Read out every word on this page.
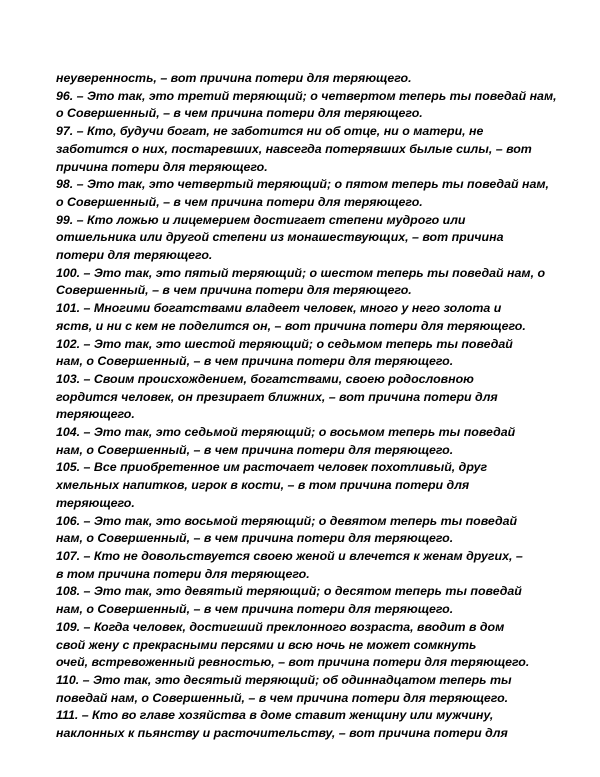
неуверенность, – вот причина потери для теряющего.
96. – Это так, это третий теряющий; о четвертом теперь ты поведай нам,
о Совершенный, – в чем причина потери для теряющего.
97. – Кто, будучи богат, не заботится ни об отце, ни о матери, не
заботится о них, постаревших, навсегда потерявших былые силы, – вот
причина потери для теряющего.
98. – Это так, это четвертый теряющий; о пятом теперь ты поведай нам,
о Совершенный, – в чем причина потери для теряющего.
99. – Кто ложью и лицемерием достигает степени мудрого или
отшельника или другой степени из монашествующих, – вот причина
потери для теряющего.
100. – Это так, это пятый теряющий; о шестом теперь ты поведай нам, о
Совершенный, – в чем причина потери для теряющего.
101. – Многими богатствами владеет человек, много у него золота и
яств, и ни с кем не поделится он, – вот причина потери для теряющего.
102. – Это так, это шестой теряющий; о седьмом теперь ты поведай
нам, о Совершенный, – в чем причина потери для теряющего.
103. – Своим происхождением, богатствами, своею родословною
гордится человек, он презирает ближних, – вот причина потери для
теряющего.
104. – Это так, это седьмой теряющий; о восьмом теперь ты поведай
нам, о Совершенный, – в чем причина потери для теряющего.
105. – Все приобретенное им расточает человек похотливый, друг
хмельных напитков, игрок в кости, – в том причина потери для
теряющего.
106. – Это так, это восьмой теряющий; о девятом теперь ты поведай
нам, о Совершенный, – в чем причина потери для теряющего.
107. – Кто не довольствуется своею женой и влечется к женам других, –
в том причина потери для теряющего.
108. – Это так, это девятый теряющий; о десятом теперь ты поведай
нам, о Совершенный, – в чем причина потери для теряющего.
109. – Когда человек, достигший преклонного возраста, вводит в дом
свой жену с прекрасными персями и всю ночь не может сомкнуть
очей, встревоженный ревностью, – вот причина потери для теряющего.
110. – Это так, это десятый теряющий; об одиннадцатом теперь ты
поведай нам, о Совершенный, – в чем причина потери для теряющего.
111. – Кто во главе хозяйства в доме ставит женщину или мужчину,
наклонных к пьянству и расточительству, – вот причина потери для
